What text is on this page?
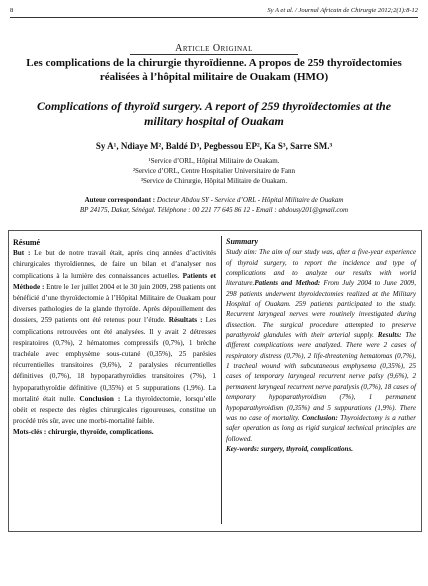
8	Sy A et al. / Journal Africain de Chirurgie 2012;2(1):8-12
Article Original
Les complications de la chirurgie thyroïdienne. A propos de 259 thyroïdectomies réalisées à l’hôpital militaire de Ouakam (HMO)
Complications of thyroïd surgery. A report of 259 thyroïdectomies at the military hospital of Ouakam
Sy A¹, Ndiaye M², Baldé D³, Pegbessou EP², Ka S³, Sarre SM.³
¹Service d’ORL, Hôpital Militaire de Ouakam.
²Service d’ORL, Centre Hospitalier Universitaire de Fann
³Service de Chirurgie, Hôpital Militaire de Ouakam.
Auteur correspondant : Docteur Abdou SY - Service d’ORL - Hôpital Militaire de Ouakam
BP 24175, Dakar, Sénégal. Téléphone : 00 221 77 645 86 12 - Email : abdousy201@gmail.com
Résumé
But : Le but de notre travail était, après cinq années d’activités chirurgicales thyroïdiennes, de faire un bilan et d’analyser nos complications à la lumière des connaissances actuelles. Patients et Méthode : Entre le 1er juillet 2004 et le 30 juin 2009, 298 patients ont bénéficié d’une thyroïdectomie à l’Hôpital Militaire de Ouakam pour diverses pathologies de la glande thyroïde. Après dépouillement des dossiers, 259 patients ont été retenus pour l’étude. Résultats : Les complications retrouvées ont été analysées. Il y avait 2 détresses respiratoires (0,7%), 2 hématomes compressifs (0,7%), 1 brèche trachéale avec emphysème sous-cutané (0,35%), 25 parésies récurrentielles transitoires (9,6%), 2 paralysies récurrentielles définitives (0,7%), 18 hypoparathyroïdies transitoires (7%), 1 hypoparathyroïdie définitive (0,35%) et 5 suppurations (1,9%). La mortalité était nulle. Conclusion : La thyroïdectomie, lorsqu’elle obéit et respecte des règles chirurgicales rigoureuses, constitue un procédé très sûr, avec une morbi-mortalité faible.
Mots-clés : chirurgie, thyroïde, complications.
Summary
Study aim: The aim of our study was, after a five-year experience of thyroid surgery, to report the incidence and type of complications and to analyze our results with world literature.Patients and Method: From July 2004 to June 2009, 298 patients underwent thyroidectomies realized at the Military Hospital of Ouakam. 259 patients participated to the study. Recurrent laryngeal nerves were routinely investigated during dissection. The surgical procedure attempted to preserve parathyroid glandules with their arterial supply. Results: The different complications were analyzed. There were 2 cases of respiratory distress (0,7%), 2 life-threatening hematomas (0,7%), 1 tracheal wound with subcutaneous emphysema (0,35%), 25 cases of temporary laryngeal recurrent nerve palsy (9,6%), 2 permanent laryngeal recurrent nerve paralysis (0,7%), 18 cases of temporary hypoparathyroidism (7%), 1 permanent hypoparathyroidism (0,35%) and 5 suppurations (1,9%). There was no case of mortality. Conclusion: Thyroidectomy is a rather safer operation as long as rigid surgical technical principles are followed.
Key-words: surgery, thyroid, complications.
